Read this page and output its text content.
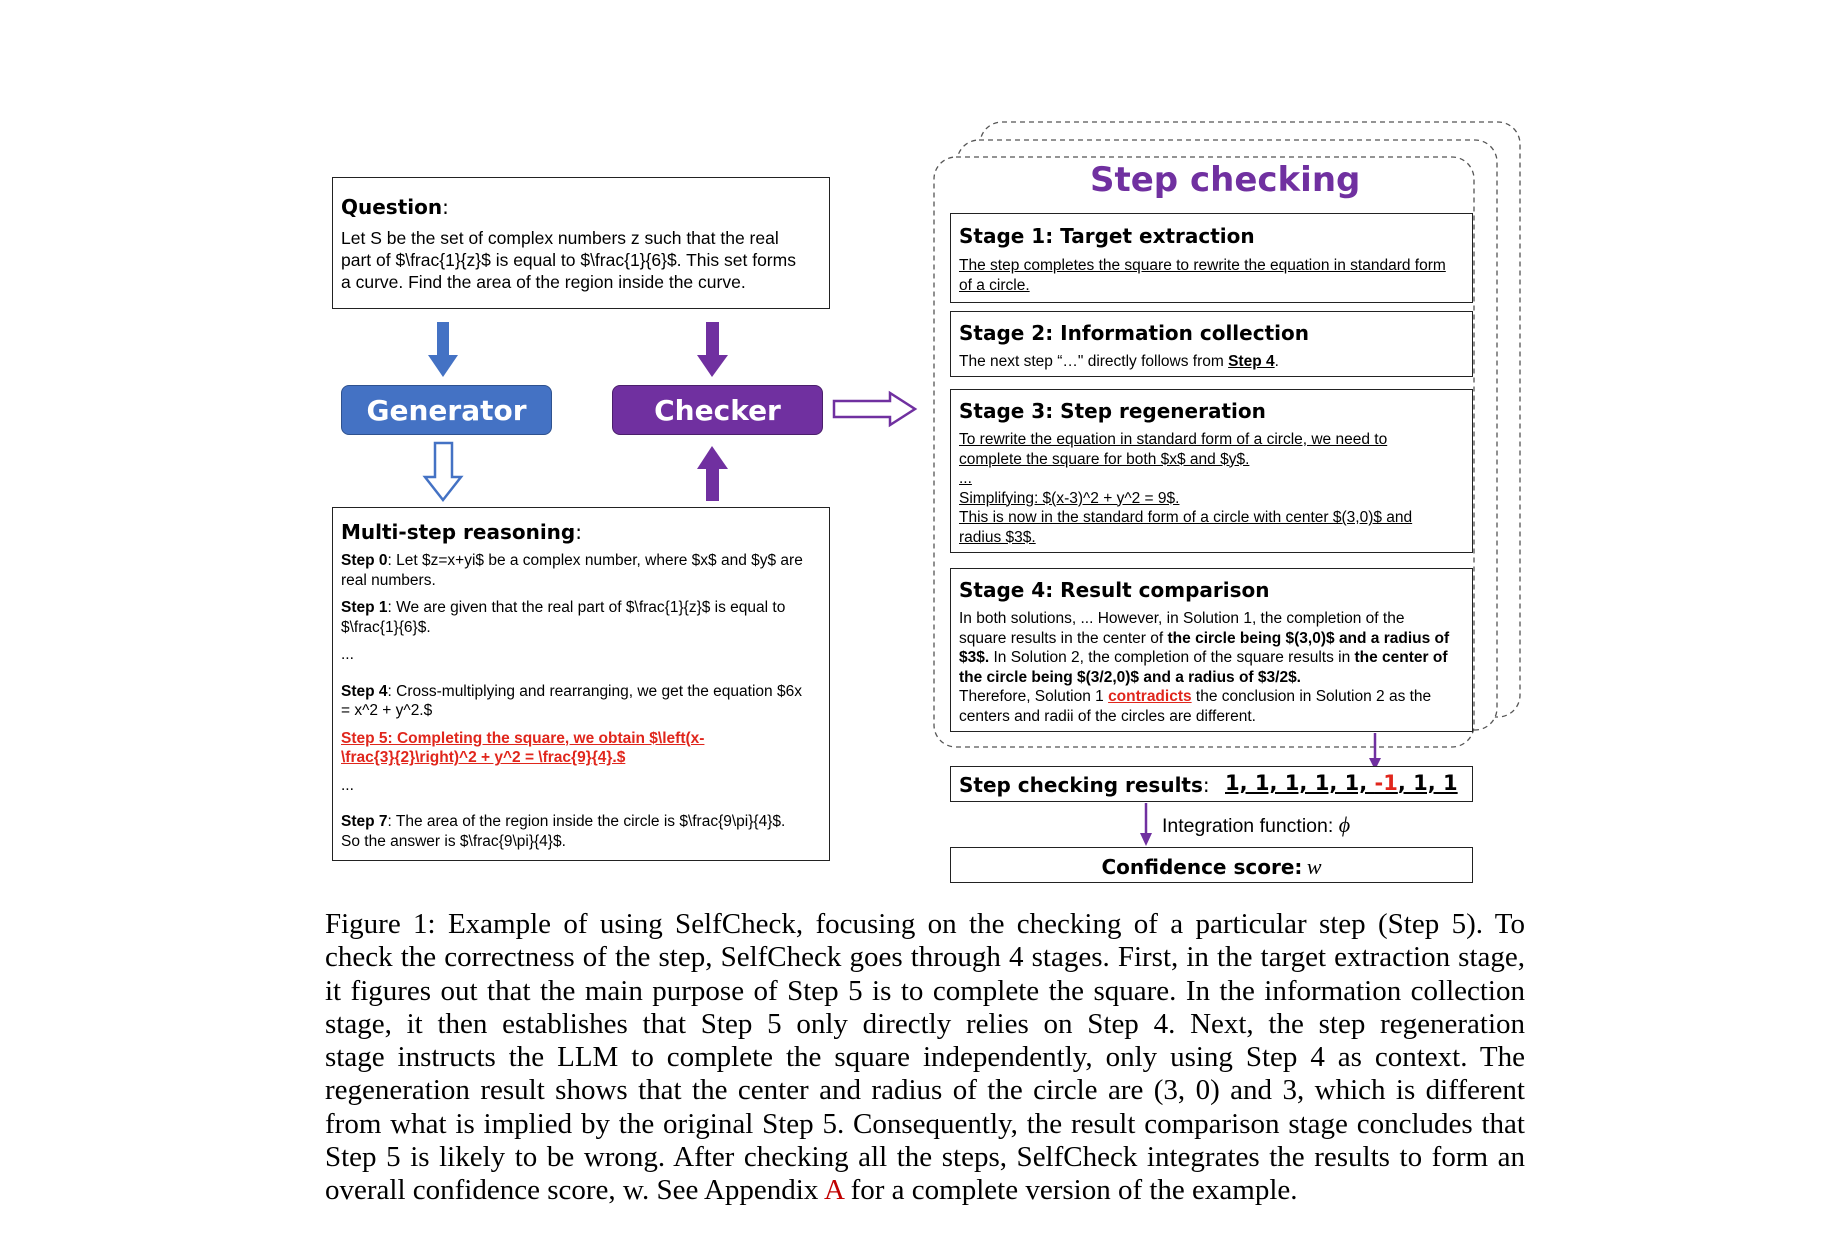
Question:
Let S be the set of complex numbers z such that the real
part of $\frac{1}{z}$ is equal to $\frac{1}{6}$. This set forms
a curve. Find the area of the region inside the curve.
Generator	Checker
Multi-step reasoning:
Step 0: Let $z=x+yi$ be a complex number, where $x$ and $y$ are
real numbers.
Step 1: We are given that the real part of $\frac{1}{z}$ is equal to
$\frac{1}{6}$.
...
Step 4: Cross-multiplying and rearranging, we get the equation $6x
= x^2 + y^2.$
Step 5: Completing the square, we obtain $\left(x-
\frac{3}{2}\right)^2 + y^2 = \frac{9}{4}.$
...
Step 7: The area of the region inside the circle is $\frac{9\pi}{4}$.
So the answer is $\frac{9\pi}{4}$.
Step checking
Stage 1: Target extraction
The step completes the square to rewrite the equation in standard form
of a circle.
Stage 2: Information collection
The next step “…" directly follows from Step 4.
Stage 3: Step regeneration
To rewrite the equation in standard form of a circle, we need to
complete the square for both $x$ and $y$.
...
Simplifying: $(x-3)^2 + y^2 = 9$.
This is now in the standard form of a circle with center $(3,0)$ and
radius $3$.
Stage 4: Result comparison
In both solutions, ... However, in Solution 1, the completion of the
square results in the center of the circle being $(3,0)$ and a radius of
$3$. In Solution 2, the completion of the square results in the center of
the circle being $(3/2,0)$ and a radius of $3/2$.
Therefore, Solution 1 contradicts the conclusion in Solution 2 as the
centers and radii of the circles are different.
Step checking results: 1, 1, 1, 1, 1, -1, 1, 1
Integration function: ϕ
Confidence score: w
Figure 1: Example of using SelfCheck, focusing on the checking of a particular step (Step 5). To
check the correctness of the step, SelfCheck goes through 4 stages. First, in the target extraction stage,
it figures out that the main purpose of Step 5 is to complete the square. In the information collection
stage, it then establishes that Step 5 only directly relies on Step 4. Next, the step regeneration
stage instructs the LLM to complete the square independently, only using Step 4 as context. The
regeneration result shows that the center and radius of the circle are (3, 0) and 3, which is different
from what is implied by the original Step 5. Consequently, the result comparison stage concludes that
Step 5 is likely to be wrong. After checking all the steps, SelfCheck integrates the results to form an
overall confidence score, w. See Appendix A for a complete version of the example.
